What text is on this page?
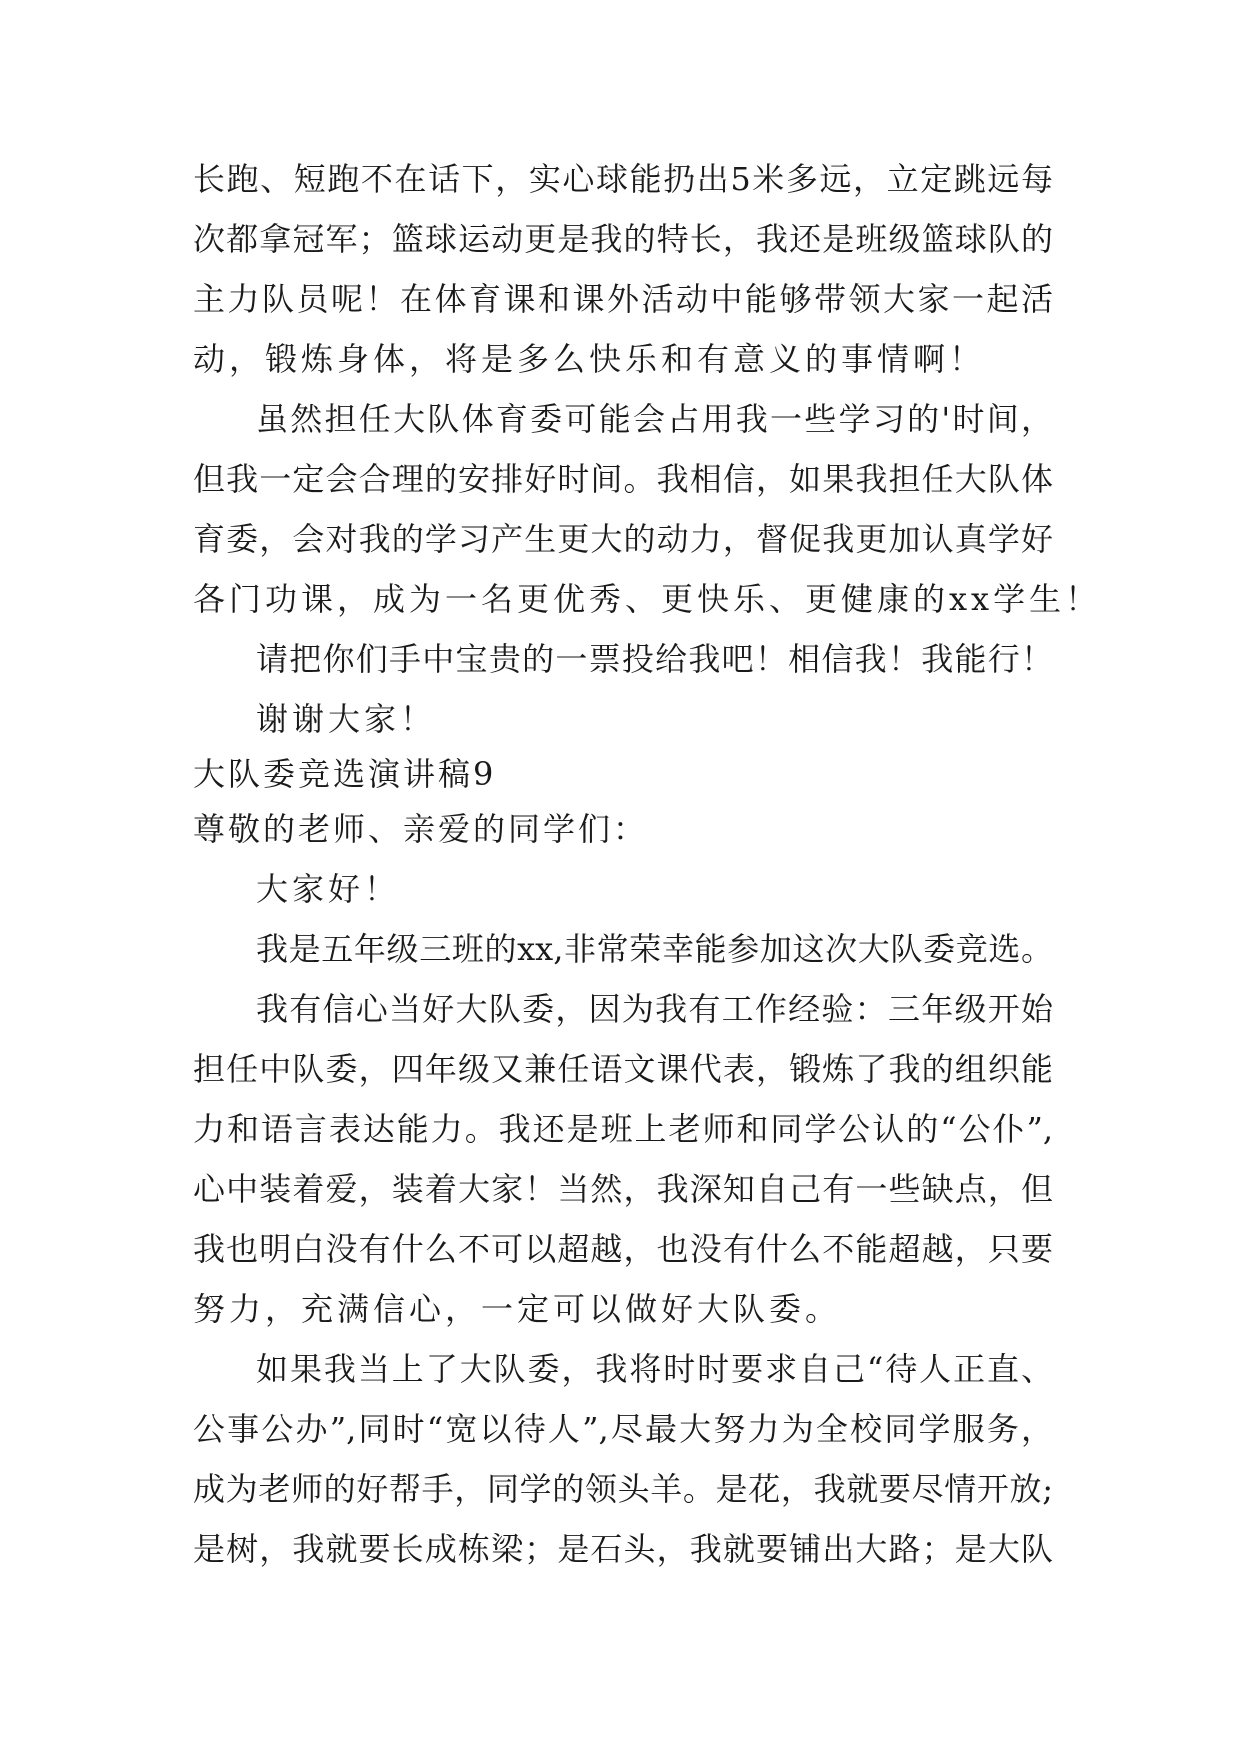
长跑、短跑不在话下，实心球能扔出5米多远，立定跳远每
次都拿冠军；篮球运动更是我的特长，我还是班级篮球队的
主力队员呢！在体育课和课外活动中能够带领大家一起活
动，锻炼身体，将是多么快乐和有意义的事情啊！
虽然担任大队体育委可能会占用我一些学习的'时间，
但我一定会合理的安排好时间。我相信，如果我担任大队体
育委，会对我的学习产生更大的动力，督促我更加认真学好
各门功课，成为一名更优秀、更快乐、更健康的xx学生！
请把你们手中宝贵的一票投给我吧！相信我！我能行！
谢谢大家！
大队委竞选演讲稿9
尊敬的老师、亲爱的同学们：
大家好！
我是五年级三班的xx,非常荣幸能参加这次大队委竞选。
我有信心当好大队委，因为我有工作经验：三年级开始
担任中队委，四年级又兼任语文课代表，锻炼了我的组织能
力和语言表达能力。我还是班上老师和同学公认的“公仆”,
心中装着爱，装着大家！当然，我深知自己有一些缺点，但
我也明白没有什么不可以超越，也没有什么不能超越，只要
努力，充满信心，一定可以做好大队委。
如果我当上了大队委，我将时时要求自己“待人正直、
公事公办”,同时“宽以待人”,尽最大努力为全校同学服务，
成为老师的好帮手，同学的领头羊。是花，我就要尽情开放;
是树，我就要长成栋梁；是石头，我就要铺出大路；是大队
